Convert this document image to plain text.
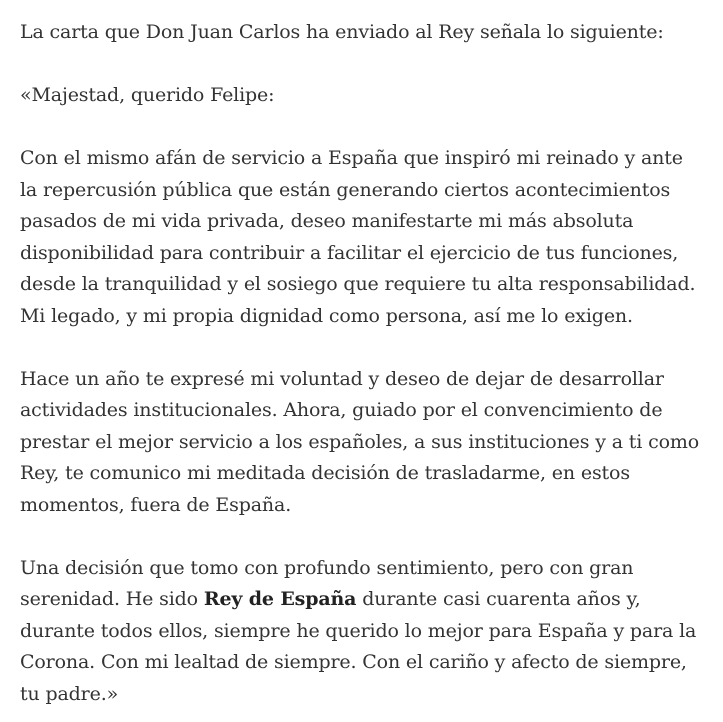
La carta que Don Juan Carlos ha enviado al Rey señala lo siguiente:

«Majestad, querido Felipe:

Con el mismo afán de servicio a España que inspiró mi reinado y ante
la repercusión pública que están generando ciertos acontecimientos
pasados de mi vida privada, deseo manifestarte mi más absoluta
disponibilidad para contribuir a facilitar el ejercicio de tus funciones,
desde la tranquilidad y el sosiego que requiere tu alta responsabilidad.
Mi legado, y mi propia dignidad como persona, así me lo exigen.

Hace un año te expresé mi voluntad y deseo de dejar de desarrollar
actividades institucionales. Ahora, guiado por el convencimiento de
prestar el mejor servicio a los españoles, a sus instituciones y a ti como
Rey, te comunico mi meditada decisión de trasladarme, en estos
momentos, fuera de España.

Una decisión que tomo con profundo sentimiento, pero con gran
serenidad. He sido Rey de España durante casi cuarenta años y,
durante todos ellos, siempre he querido lo mejor para España y para la
Corona. Con mi lealtad de siempre. Con el cariño y afecto de siempre,
tu padre.»
